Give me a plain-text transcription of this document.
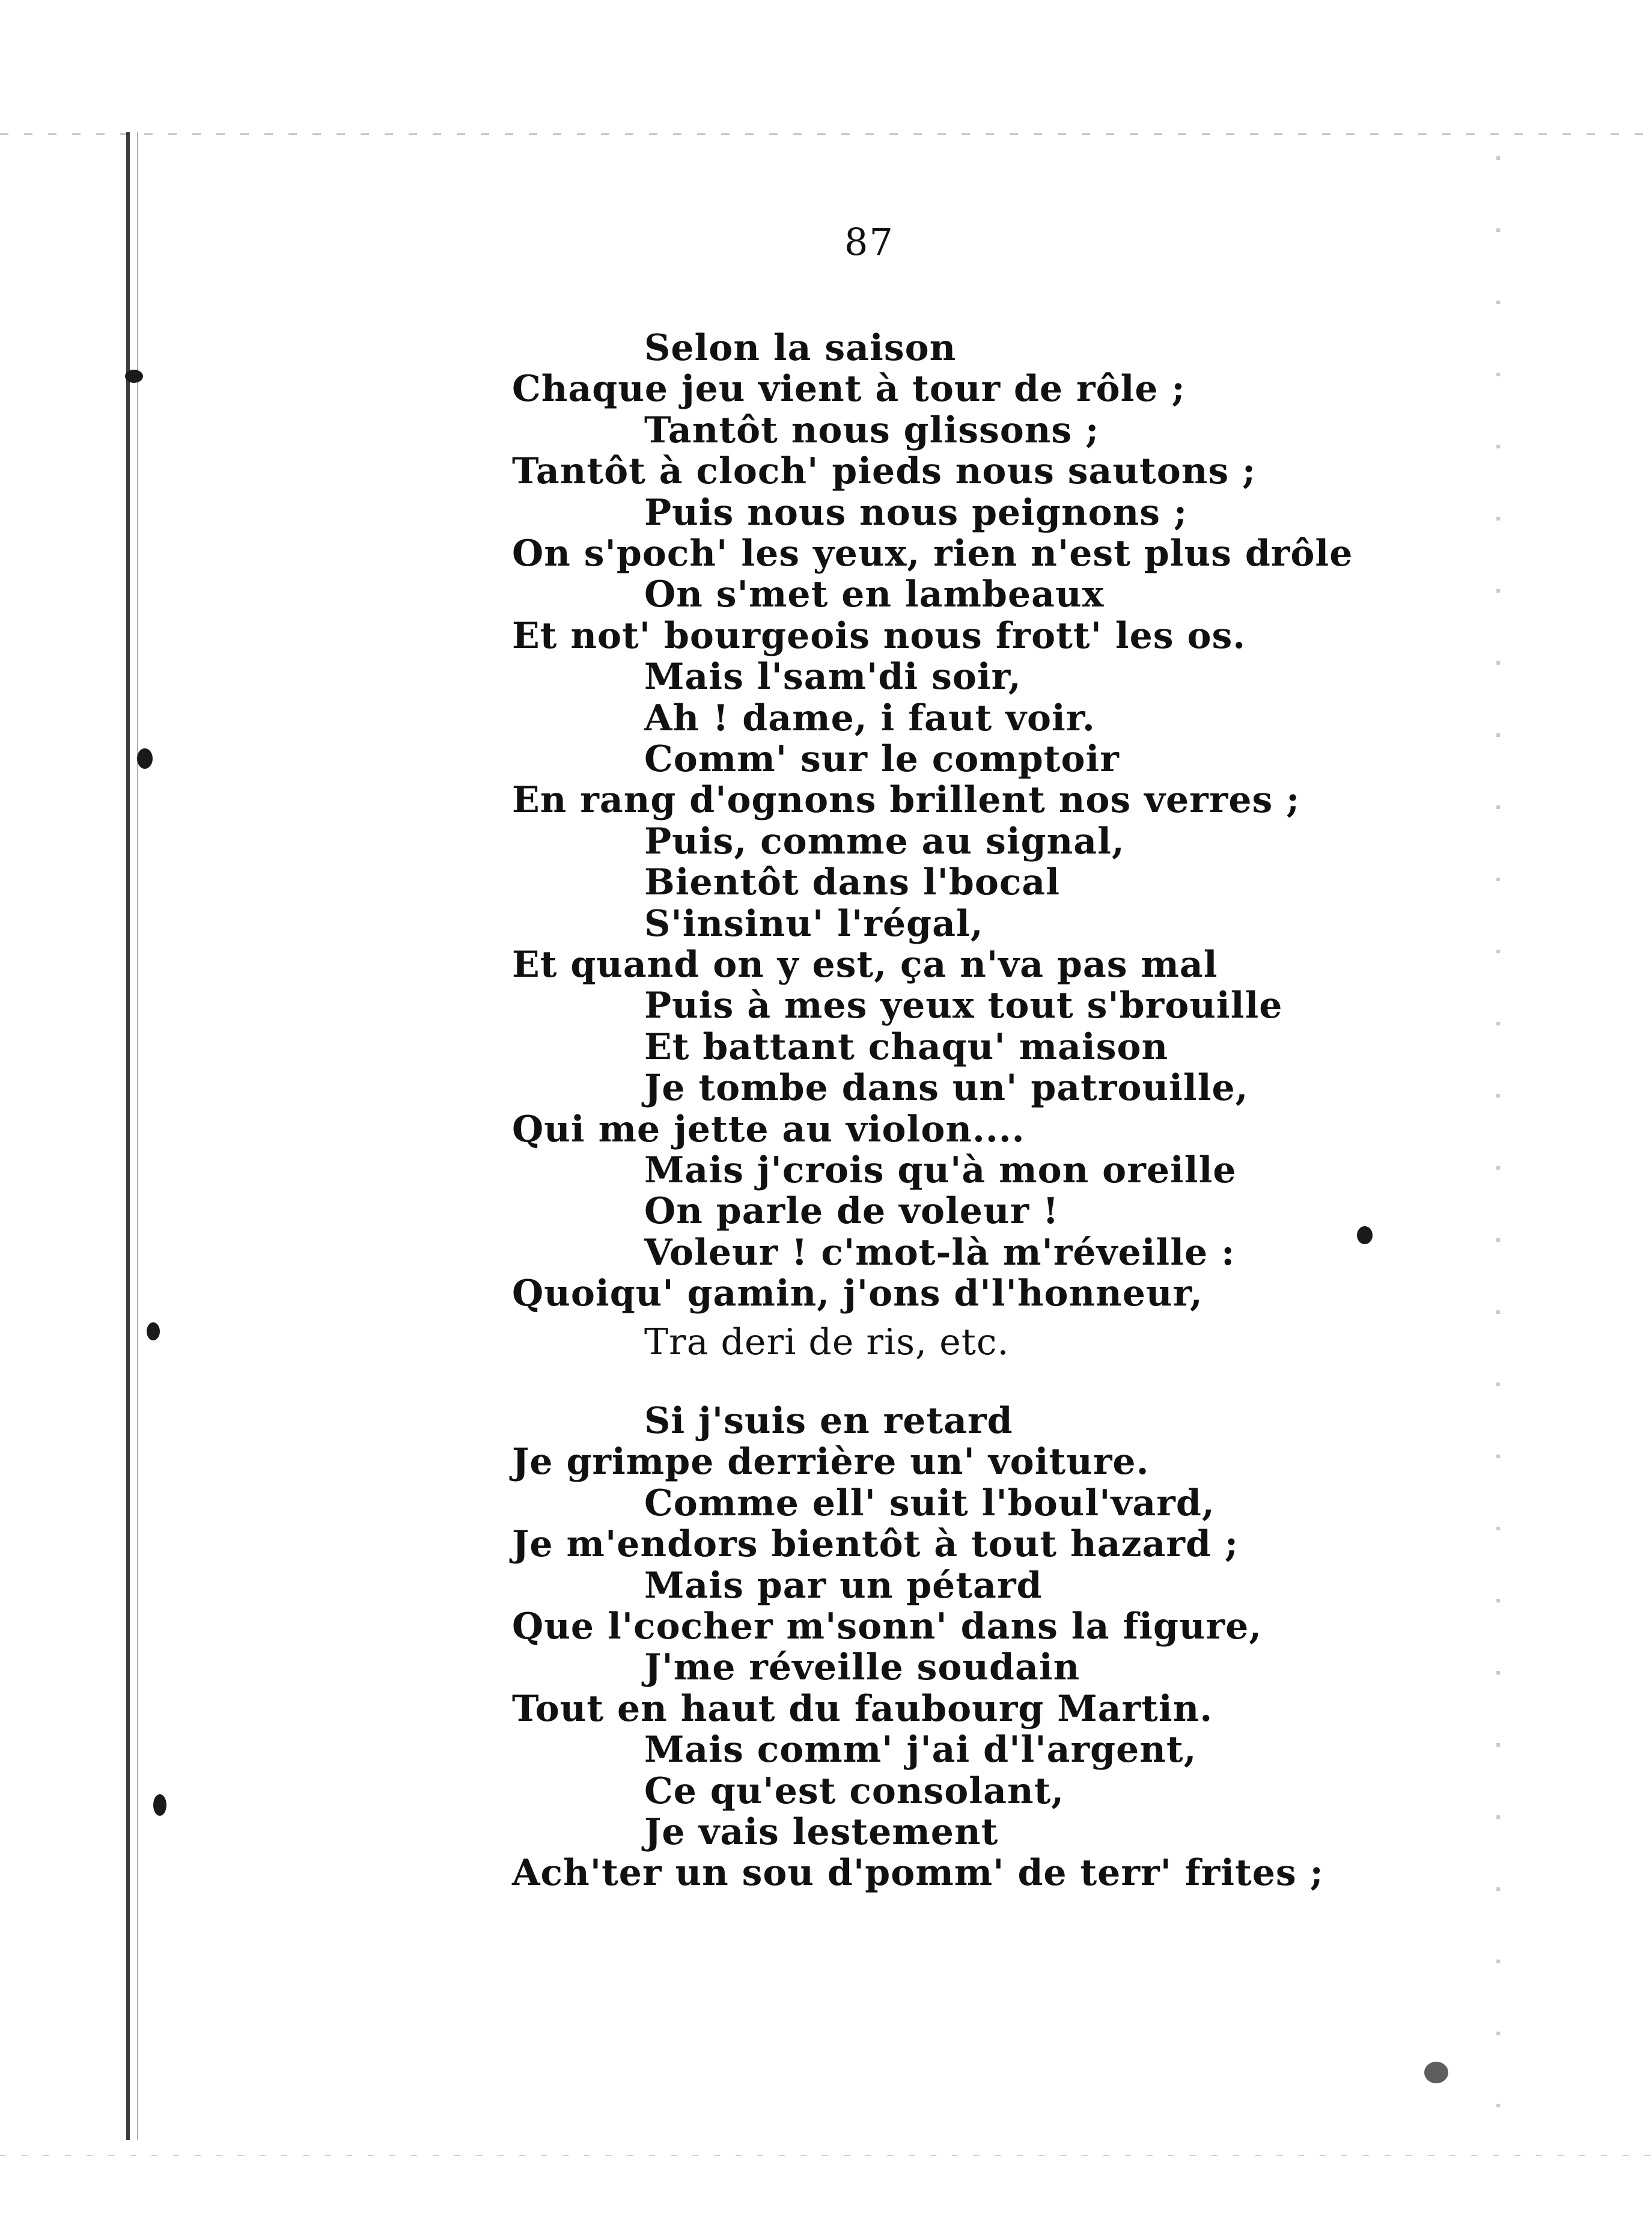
87
Selon la saison
Chaque jeu vient à tour de rôle ;
Tantôt nous glissons ;
Tantôt à cloch' pieds nous sautons ;
Puis nous nous peignons ;
On s'poch' les yeux, rien n'est plus drôle
On s'met en lambeaux
Et not' bourgeois nous frott' les os.
Mais l'sam'di soir,
Ah ! dame, i faut voir.
Comm' sur le comptoir
En rang d'ognons brillent nos verres ;
Puis, comme au signal,
Bientôt dans l'bocal
S'insinu' l'régal,
Et quand on y est, ça n'va pas mal
Puis à mes yeux tout s'brouille
Et battant chaqu' maison
Je tombe dans un' patrouille,
Qui me jette au violon....
Mais j'crois qu'à mon oreille
On parle de voleur !
Voleur ! c'mot-là m'réveille :
Quoiqu' gamin, j'ons d'l'honneur,
Tra deri de ris, etc.
Si j'suis en retard
Je grimpe derrière un' voiture.
Comme ell' suit l'boul'vard,
Je m'endors bientôt à tout hazard ;
Mais par un pétard
Que l'cocher m'sonn' dans la figure,
J'me réveille soudain
Tout en haut du faubourg Martin.
Mais comm' j'ai d'l'argent,
Ce qu'est consolant,
Je vais lestement
Ach'ter un sou d'pomm' de terr' frites ;
